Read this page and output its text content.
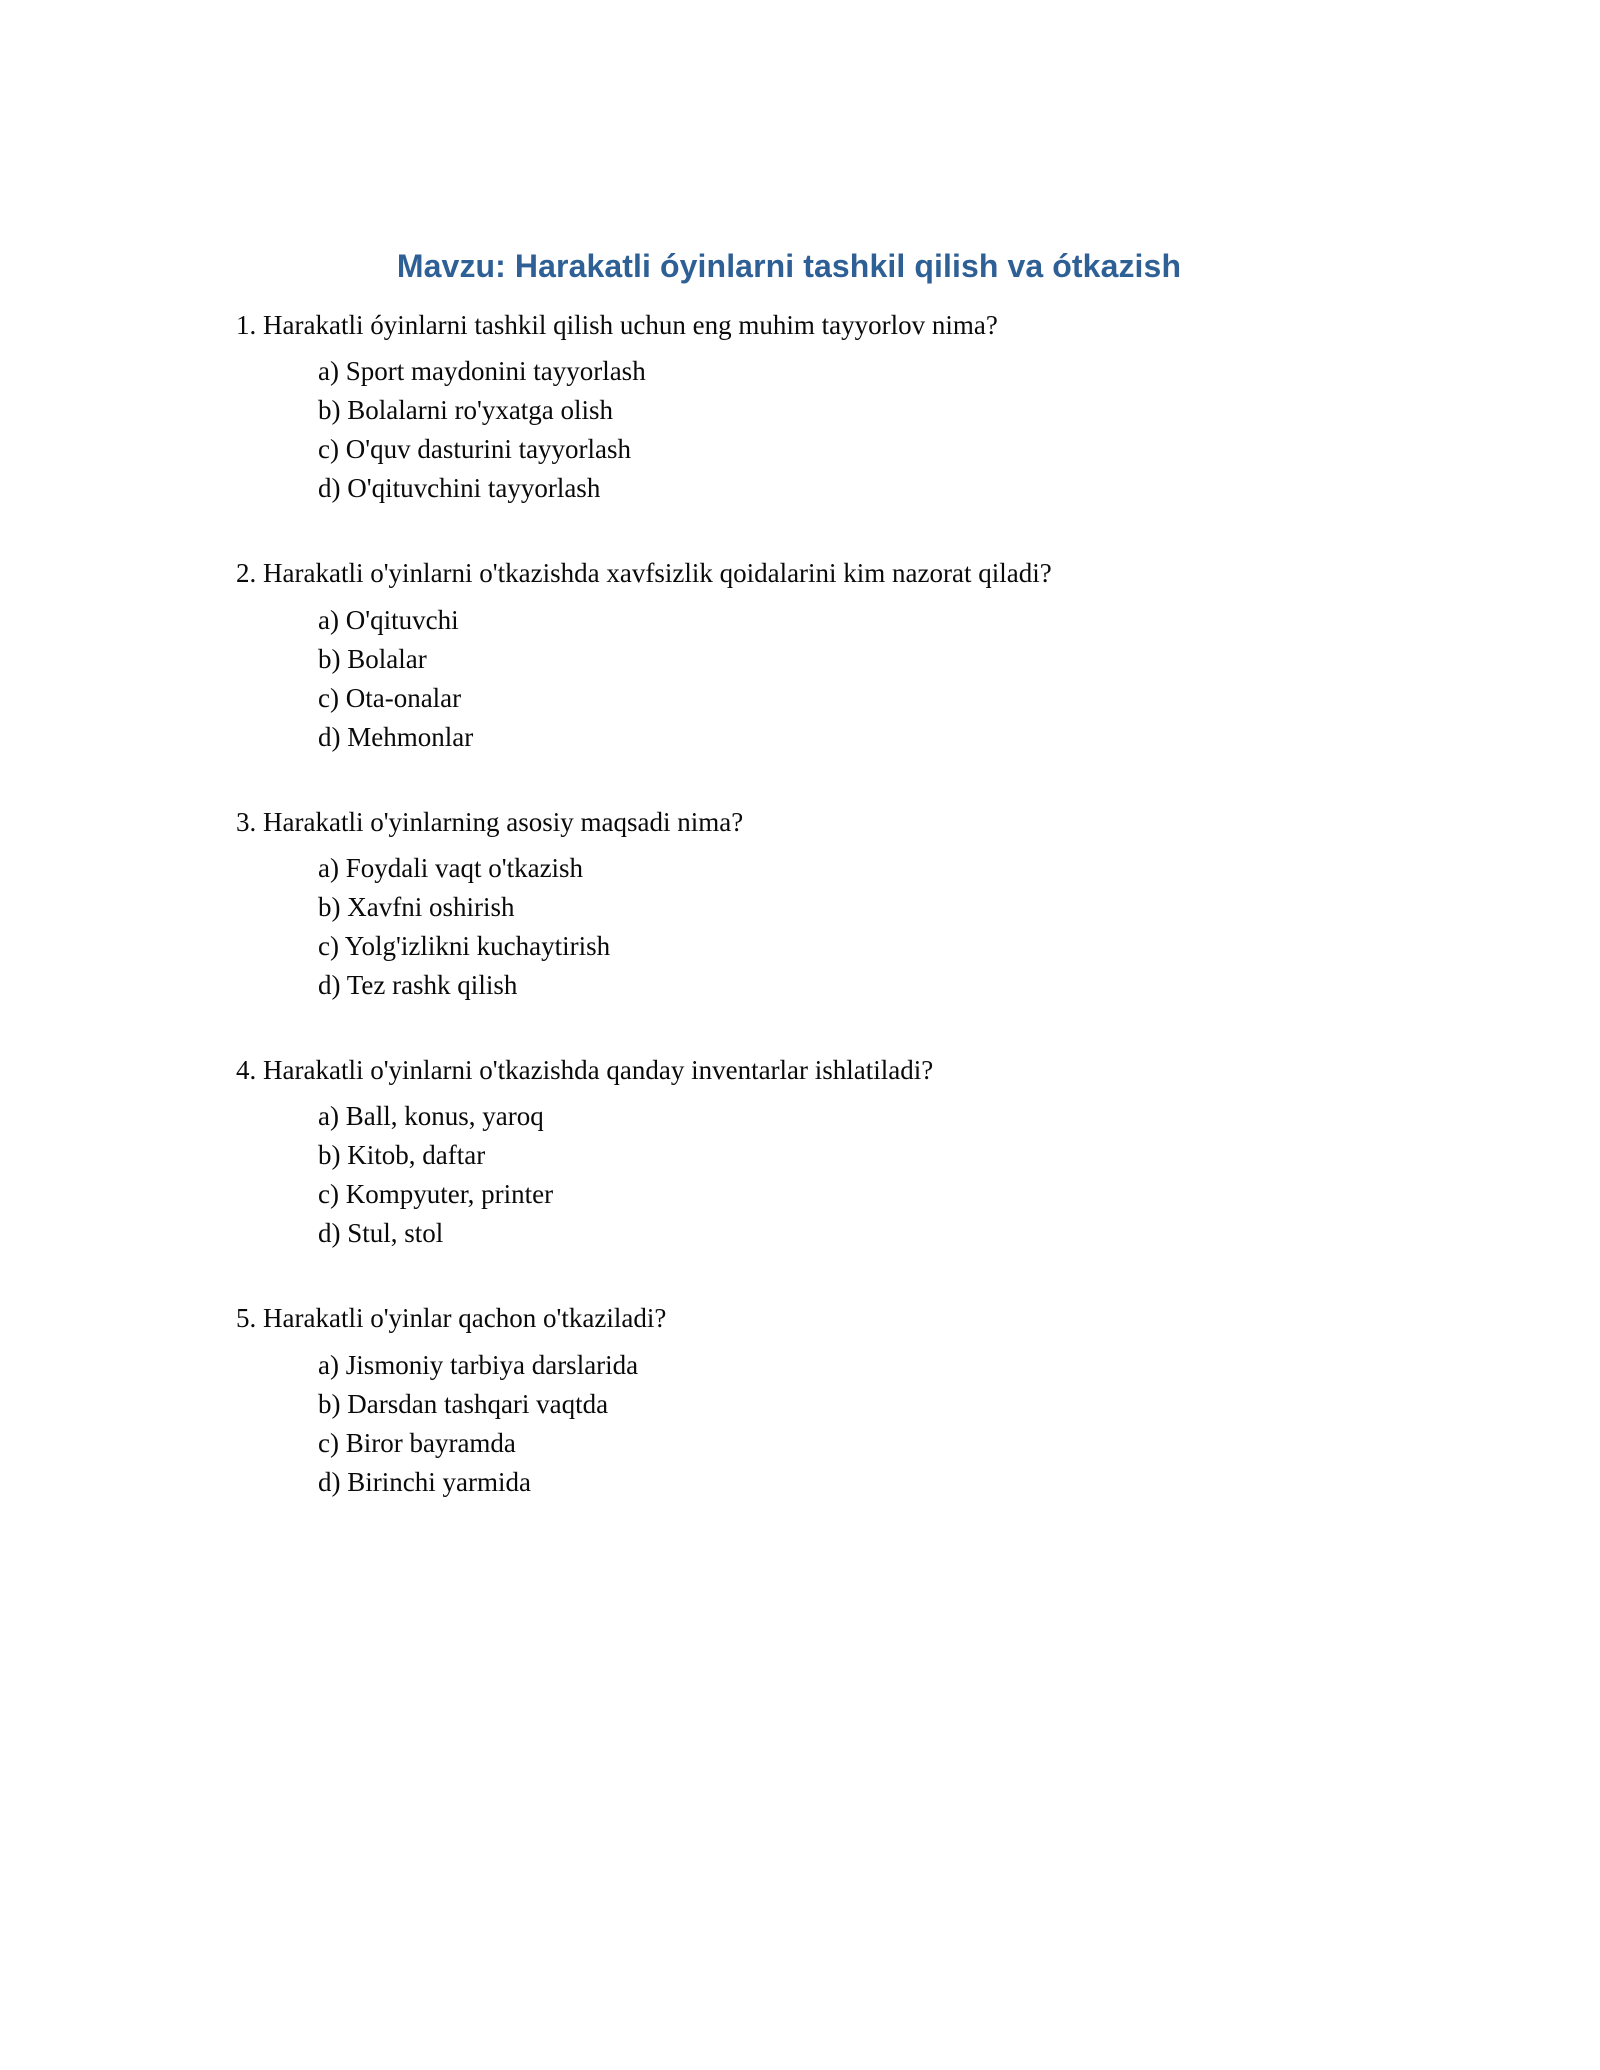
Mavzu: Harakatli óyinlarni tashkil qilish va ótkazish

1. Harakatli óyinlarni tashkil qilish uchun eng muhim tayyorlov nima?

a) Sport maydonini tayyorlash
b) Bolalarni ro'yxatga olish
c) O'quv dasturini tayyorlash
d) O'qituvchini tayyorlash

2. Harakatli o'yinlarni o'tkazishda xavfsizlik qoidalarini kim nazorat qiladi?

a) O'qituvchi
b) Bolalar
c) Ota-onalar
d) Mehmonlar

3. Harakatli o'yinlarning asosiy maqsadi nima?

a) Foydali vaqt o'tkazish
b) Xavfni oshirish
c) Yolg'izlikni kuchaytirish
d) Tez rashk qilish

4. Harakatli o'yinlarni o'tkazishda qanday inventarlar ishlatiladi?

a) Ball, konus, yaroq
b) Kitob, daftar
c) Kompyuter, printer
d) Stul, stol

5. Harakatli o'yinlar qachon o'tkaziladi?

a) Jismoniy tarbiya darslarida
b) Darsdan tashqari vaqtda
c) Biror bayramda
d) Birinchi yarmida
